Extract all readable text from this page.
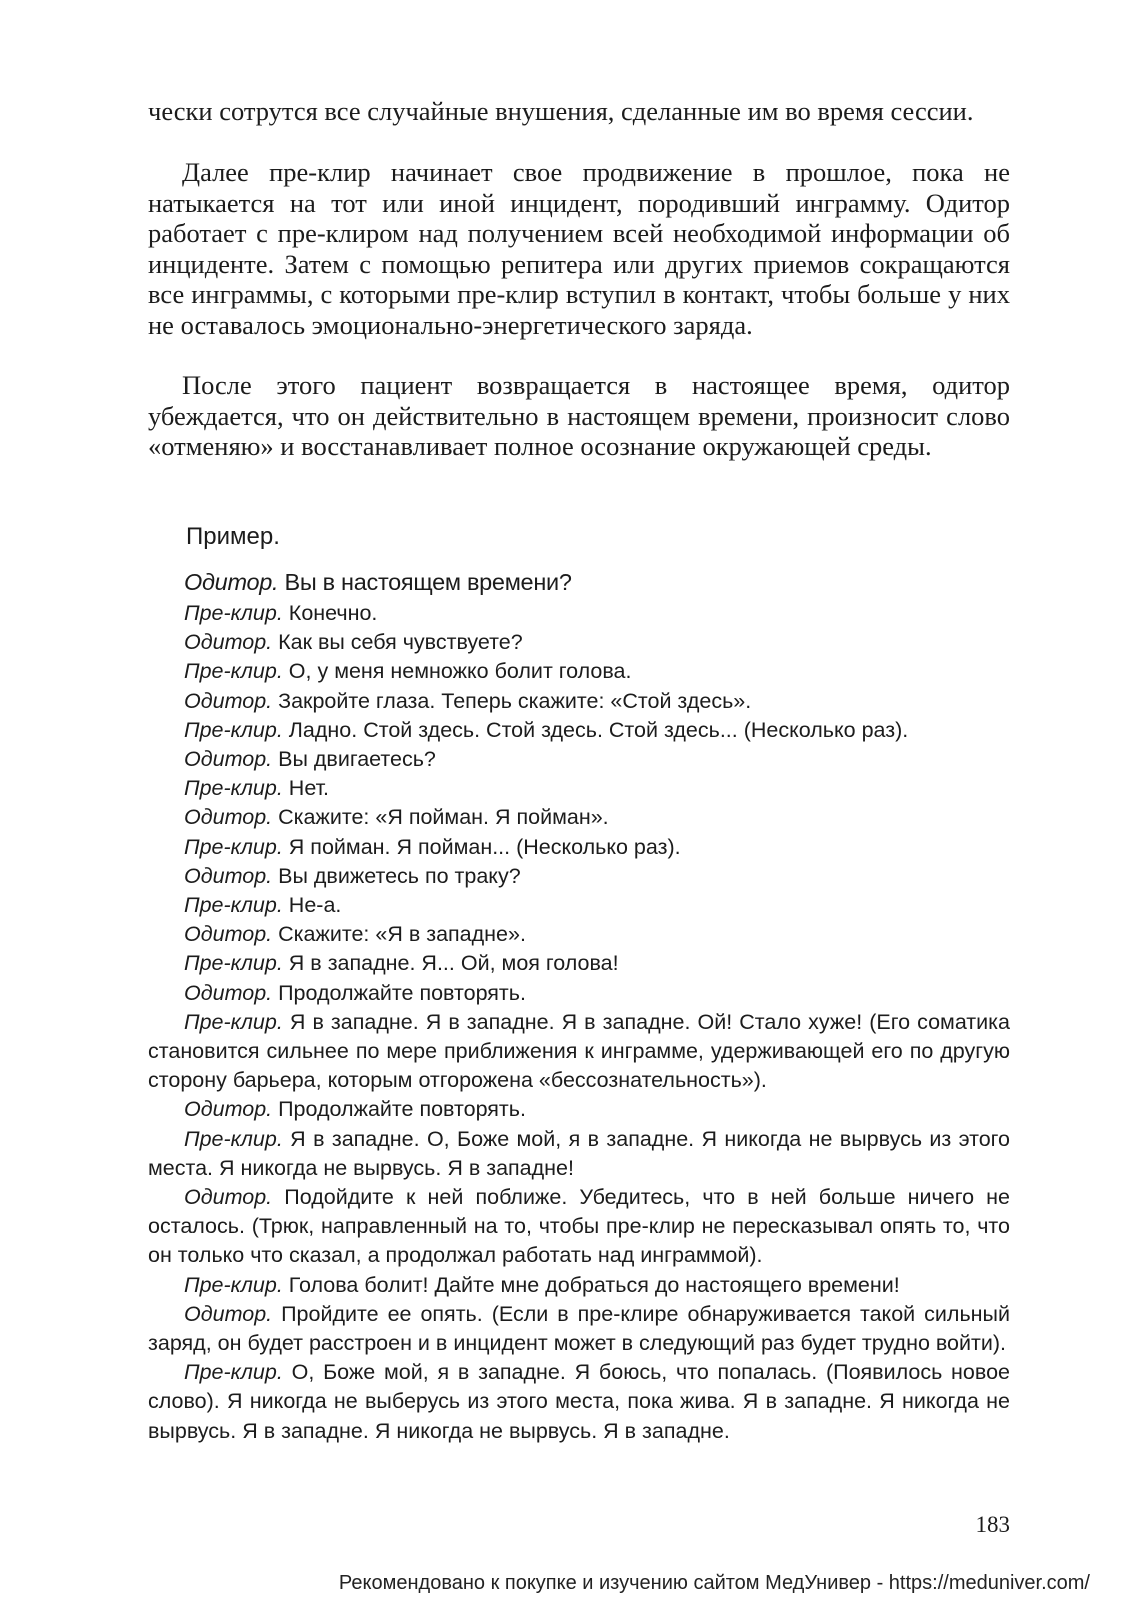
чески сотрутся все случайные внушения, сделанные им во время сессии.

Далее пре-клир начинает свое продвижение в прошлое, пока не натыкается на тот или иной инцидент, породивший инграмму. Одитор работает с пре-клиром над получением всей необходимой информации об инциденте. Затем с помощью репитера или других приемов сокращаются все инграммы, с которыми пре-клир вступил в контакт, чтобы больше у них не оставалось эмоционально-энергетического заряда.

После этого пациент возвращается в настоящее время, одитор убеждается, что он действительно в настоящем времени, произносит слово «отменяю» и восстанавливает полное осознание окружающей среды.

Пример.

Одитор. Вы в настоящем времени?

Пре-клир. Конечно.

Одитор. Как вы себя чувствуете?

Пре-клир. О, у меня немножко болит голова.

Одитор. Закройте глаза. Теперь скажите: «Стой здесь».

Пре-клир. Ладно. Стой здесь. Стой здесь. Стой здесь... (Несколько раз).

Одитор. Вы двигаетесь?

Пре-клир. Нет.

Одитор. Скажите: «Я пойман. Я пойман».

Пре-клир. Я пойман. Я пойман... (Несколько раз).

Одитор. Вы движетесь по траку?

Пре-клир. Не-а.

Одитор. Скажите: «Я в западне».

Пре-клир. Я в западне. Я... Ой, моя голова!

Одитор. Продолжайте повторять.

Пре-клир. Я в западне. Я в западне. Я в западне. Ой! Стало хуже! (Его соматика становится сильнее по мере приближения к инграмме, удерживающей его по другую сторону барьера, которым отгорожена «бессознательность»).

Одитор. Продолжайте повторять.

Пре-клир. Я в западне. О, Боже мой, я в западне. Я никогда не вырвусь из этого места. Я никогда не вырвусь. Я в западне!

Одитор. Подойдите к ней поближе. Убедитесь, что в ней больше ничего не осталось. (Трюк, направленный на то, чтобы пре-клир не пересказывал опять то, что он только что сказал, а продолжал работать над инграммой).

Пре-клир. Голова болит! Дайте мне добраться до настоящего времени!

Одитор. Пройдите ее опять. (Если в пре-клире обнаруживается такой сильный заряд, он будет расстроен и в инцидент может в следующий раз будет трудно войти).

Пре-клир. О, Боже мой, я в западне. Я боюсь, что попалась. (Появилось новое слово). Я никогда не выберусь из этого места, пока жива. Я в западне. Я никогда не вырвусь. Я в западне. Я никогда не вырвусь. Я в западне.

183

Рекомендовано к покупке и изучению сайтом МедУнивер - https://meduniver.com/
